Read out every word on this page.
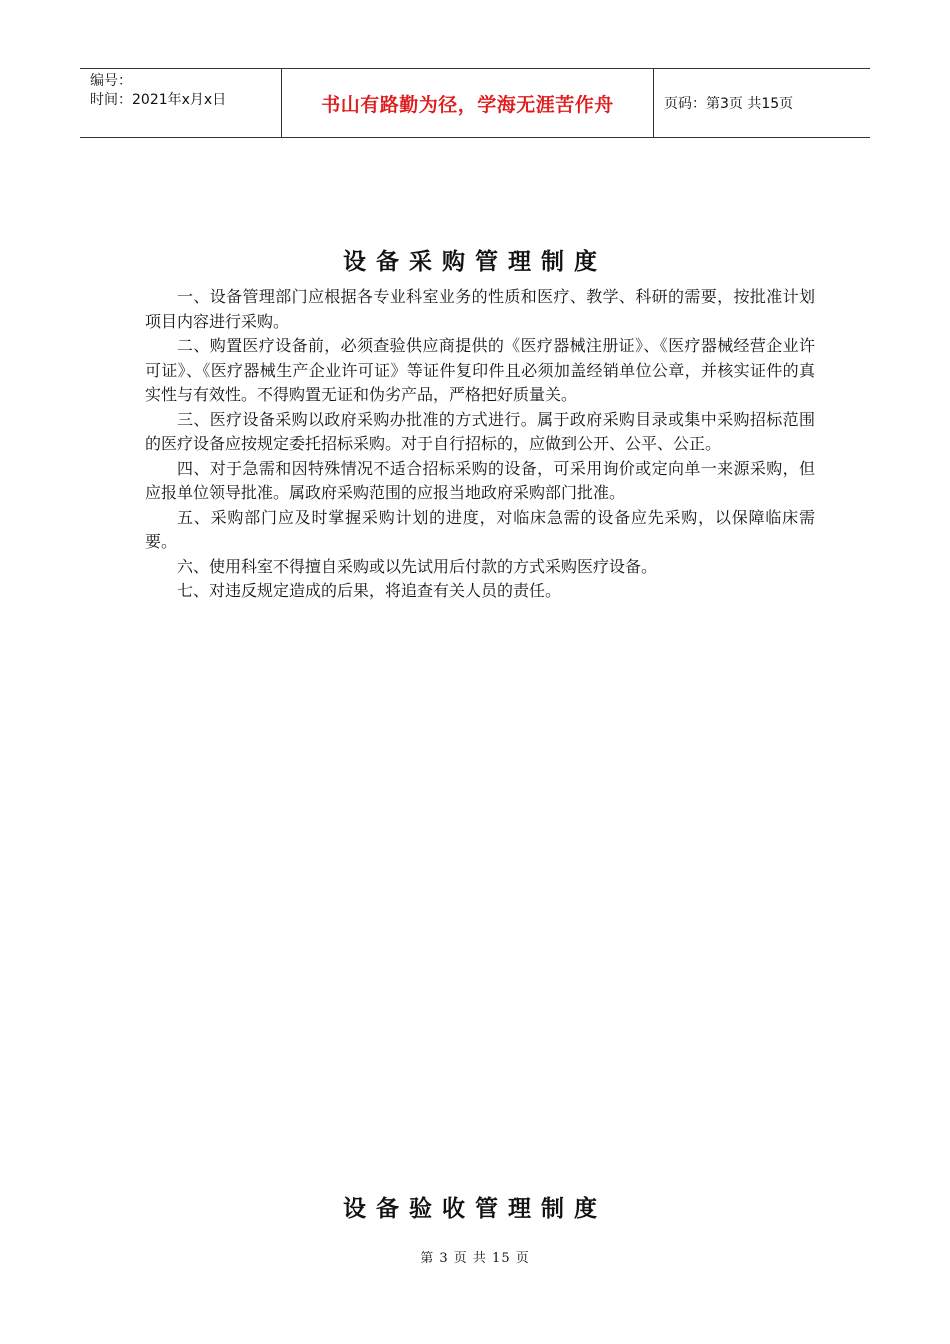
编号：
时间：2021年x月x日	书山有路勤为径，学海无涯苦作舟	页码：第3页 共15页
设备采购管理制度

一、设备管理部门应根据各专业科室业务的性质和医疗、教学、科研的需要，按批准计划项目内容进行采购。

二、购置医疗设备前，必须查验供应商提供的《医疗器械注册证》、《医疗器械经营企业许可证》、《医疗器械生产企业许可证》等证件复印件且必须加盖经销单位公章，并核实证件的真实性与有效性。不得购置无证和伪劣产品，严格把好质量关。

三、医疗设备采购以政府采购办批准的方式进行。属于政府采购目录或集中采购招标范围的医疗设备应按规定委托招标采购。对于自行招标的，应做到公开、公平、公正。

四、对于急需和因特殊情况不适合招标采购的设备，可采用询价或定向单一来源采购，但应报单位领导批准。属政府采购范围的应报当地政府采购部门批准。

五、采购部门应及时掌握采购计划的进度，对临床急需的设备应先采购，以保障临床需要。

六、使用科室不得擅自采购或以先试用后付款的方式采购医疗设备。

七、对违反规定造成的后果，将追查有关人员的责任。

设备验收管理制度
第 3 页 共 15 页
